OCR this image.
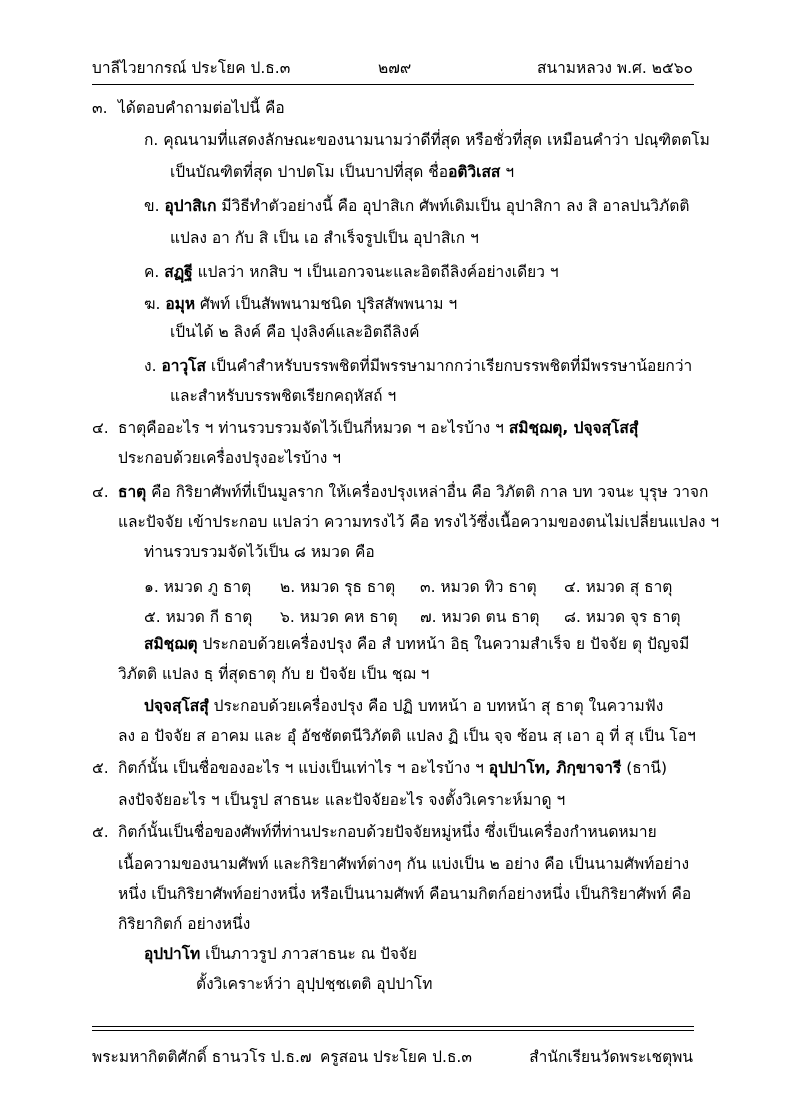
บาลีไวยากรณ์ ประโยค ป.ธ.๓	๒๗๙	สนามหลวง พ.ศ. ๒๕๖๐
๓. ได้ตอบคำถามต่อไปนี้ คือ
ก. คุณนามที่แสดงลักษณะของนามนามว่าดีที่สุด หรือชั่วที่สุด เหมือนคำว่า ปณฺฑิตตโม
เป็นบัณฑิตที่สุด ปาปตโม เป็นบาปที่สุด ชื่ออติวิเสส ฯ
ข. อุปาสิเก มีวิธีทำตัวอย่างนี้ คือ อุปาสิเก ศัพท์เดิมเป็น อุปาสิกา ลง สิ อาลปนวิภัตติ
แปลง อา กับ สิ เป็น เอ สำเร็จรูปเป็น อุปาสิเก ฯ
ค. สฏฺฐี แปลว่า หกสิบ ฯ เป็นเอกวจนะและอิตถีลิงค์อย่างเดียว ฯ
ฆ. อมุห ศัพท์ เป็นสัพพนามชนิด ปุริสสัพพนาม ฯ
เป็นได้ ๒ ลิงค์ คือ ปุงลิงค์และอิตถีลิงค์
ง. อาวุโส เป็นคำสำหรับบรรพชิตที่มีพรรษามากกว่าเรียกบรรพชิตที่มีพรรษาน้อยกว่า
และสำหรับบรรพชิตเรียกคฤหัสถ์ ฯ
๔. ธาตุคืออะไร ฯ ท่านรวบรวมจัดไว้เป็นกี่หมวด ฯ อะไรบ้าง ฯ สมิชฺฌตุ, ปจฺจสฺโสสุํ
ประกอบด้วยเครื่องปรุงอะไรบ้าง ฯ
๔. ธาตุ คือ กิริยาศัพท์ที่เป็นมูลราก ให้เครื่องปรุงเหล่าอื่น คือ วิภัตติ กาล บท วจนะ บุรุษ วาจก
และปัจจัย เข้าประกอบ แปลว่า ความทรงไว้ คือ ทรงไว้ซึ่งเนื้อความของตนไม่เปลี่ยนแปลง ฯ
ท่านรวบรวมจัดไว้เป็น ๘ หมวด คือ
๑. หมวด ภู ธาตุ ๒. หมวด รุธ ธาตุ ๓. หมวด ทิว ธาตุ ๔. หมวด สุ ธาตุ
๕. หมวด กี ธาตุ ๖. หมวด คห ธาตุ ๗. หมวด ตน ธาตุ ๘. หมวด จุร ธาตุ
สมิชฺฌตุ ประกอบด้วยเครื่องปรุง คือ สํ บทหน้า อิธฺ ในความสำเร็จ ย ปัจจัย ตุ ปัญจมี
วิภัตติ แปลง ธฺ ที่สุดธาตุ กับ ย ปัจจัย เป็น ชฺฌ ฯ
ปจฺจสฺโสสุํ ประกอบด้วยเครื่องปรุง คือ ปฏิ บทหน้า อ บทหน้า สุ ธาตุ ในความฟัง
ลง อ ปัจจัย ส อาคม และ อุํ อัชชัตตนีวิภัตติ แปลง ฏิ เป็น จฺจ ซ้อน สฺ เอา อุ ที่ สุ เป็น โอฯ
๕. กิตก์นั้น เป็นชื่อของอะไร ฯ แบ่งเป็นเท่าไร ฯ อะไรบ้าง ฯ อุปปาโท, ภิกฺขาจารี (ธานี)
ลงปัจจัยอะไร ฯ เป็นรูป สาธนะ และปัจจัยอะไร จงตั้งวิเคราะห์มาดู ฯ
๕. กิตก์นั้นเป็นชื่อของศัพท์ที่ท่านประกอบด้วยปัจจัยหมู่หนึ่ง ซึ่งเป็นเครื่องกำหนดหมาย
เนื้อความของนามศัพท์ และกิริยาศัพท์ต่างๆ กัน แบ่งเป็น ๒ อย่าง คือ เป็นนามศัพท์อย่าง
หนึ่ง เป็นกิริยาศัพท์อย่างหนึ่ง หรือเป็นนามศัพท์ คือนามกิตก์อย่างหนึ่ง เป็นกิริยาศัพท์ คือ
กิริยากิตก์ อย่างหนึ่ง
อุปปาโท เป็นภาวรูป ภาวสาธนะ ณ ปัจจัย
ตั้งวิเคราะห์ว่า อุปฺปชฺชเตติ อุปปาโท
พระมหากิตติศักดิ์ ธานวโร ป.ธ.๗ ครูสอน ประโยค ป.ธ.๓	สำนักเรียนวัดพระเชตุพน
